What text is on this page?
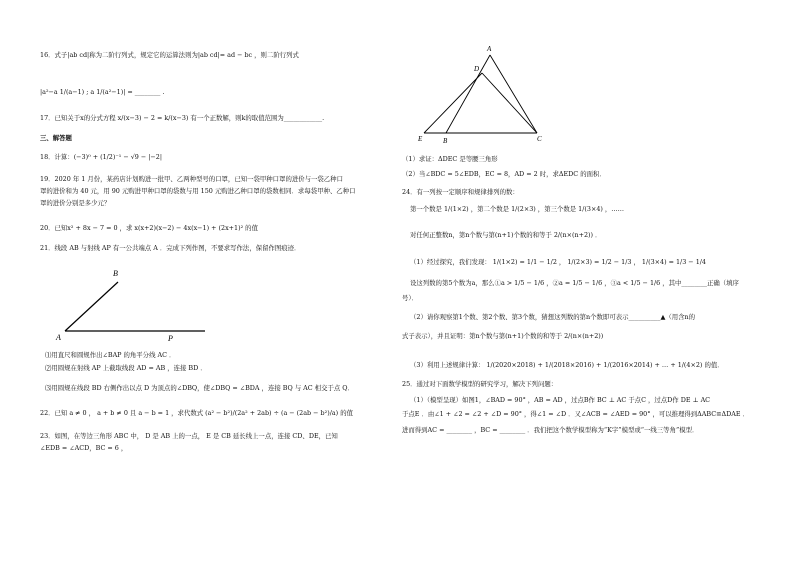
B
A	P
A
D
E	B	C
16．式子|ab cd|称为二阶行列式，规定它的运算法则为|ab cd|= ad − bc ，则二阶行列式
|a²−a 1/(a−1) ; a 1/(a²−1)| = ________ .
17．已知关于x的分式方程 x/(x−3) − 2 = k/(x−3) 有一个正数解，则k的取值范围为____________.
三、解答题
18．计算：(−3)⁰ + (1/2)⁻¹ − √9 − |−2|
19．2020 年 1 月份，某药店计划购进一批甲、乙两种型号的口罩，已知一袋甲种口罩的进价与一袋乙种口
罩的进价和为 40 元，用 90 元购进甲种口罩的袋数与用 150 元购进乙种口罩的袋数相同．求每袋甲种、乙种口
罩的进价分别是多少元？
20．已知x² + 8x − 7 = 0 ，求 x(x+2)(x−2) − 4x(x−1) + (2x+1)² 的值
21．线段 AB 与射线 AP 有一公共端点 A ．完成下列作图，不要求写作法，保留作图痕迹．
⑴用直尺和圆规作出∠BAP 的角平分线 AC ．
⑵用圆规在射线 AP 上截取线段 AD = AB ，连接 BD ．
⑶用圆规在线段 BD 右侧作出以点 D 为顶点的∠DBQ，使∠DBQ = ∠BDA ，连接 BQ 与 AC 相交于点 Q．
22．已知 a ≠ 0 ， a + b ≠ 0 且 a − b = 1 ，求代数式 (a² − b²)/(2a² + 2ab) ÷ (a − (2ab − b²)/a) 的值
23．如图，在等边三角形 ABC 中， D 是 AB 上的一点， E 是 CB 延长线上一点，连接 CD、DE，已知
∠EDB = ∠ACD，BC = 6 ，
（1）求证：ΔDEC 是等腰三角形
（2）当∠BDC = 5∠EDB，EC = 8，AD = 2 时，求ΔEDC 的面积．
24．有一列按一定顺序和规律排列的数：
第一个数是 1/(1×2) ，第二个数是 1/(2×3) ，第三个数是 1/(3×4) ，……
对任何正整数n，第n个数与第(n+1)个数的和等于 2/(n×(n+2)) ．
（1）经过探究，我们发现： 1/(1×2) = 1/1 − 1/2 ， 1/(2×3) = 1/2 − 1/3 ， 1/(3×4) = 1/3 − 1/4
设这列数的第5个数为a，那么①a > 1/5 − 1/6 ，②a = 1/5 − 1/6 ，③a < 1/5 − 1/6 ，其中________正确（填序
号）．
（2）请你观察第1个数、第2个数、第3个数，猜想这列数的第n个数即可表示__________▲（用含n的
式子表示），并且证明：第n个数与第(n+1)个数的和等于 2/(n×(n+2))
（3）利用上述规律计算： 1/(2020×2018) + 1/(2018×2016) + 1/(2016×2014) + … + 1/(4×2) 的值．
25．通过对下面数学模型的研究学习，解决下列问题：
（1）（模型呈现）如图1，∠BAD = 90° ，AB = AD ，过点B作 BC ⊥ AC 于点C ，过点D作 DE ⊥ AC
于点E ．由∠1 + ∠2 = ∠2 + ∠D = 90° ，得∠1 = ∠D ．又∠ACB = ∠AED = 90° ，可以推理得到ΔABC≌ΔDAE ．
进而得到AC = ________ ，BC = ________ ．我们把这个数学模型称为“K字”模型或“一线三等角”模型．
